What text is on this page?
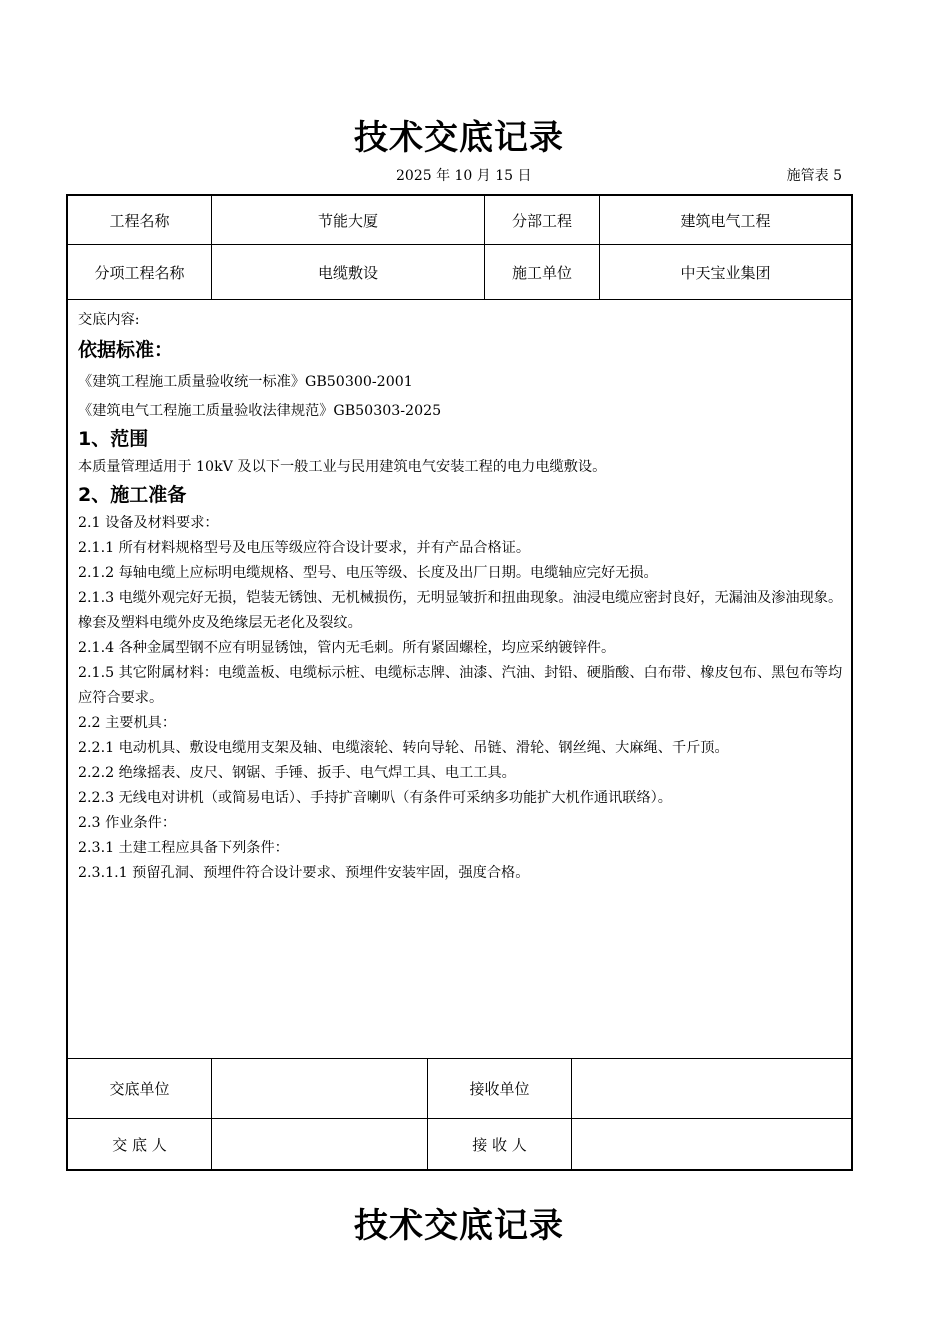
技术交底记录
2025 年 10 月 15 日	施管表 5
工程名称	节能大厦	分部工程	建筑电气工程
分项工程名称	电缆敷设	施工单位	中天宝业集团

交底内容:

依据标准：

《建筑工程施工质量验收统一标准》GB50300-2001

《建筑电气工程施工质量验收法律规范》GB50303-2025

1、范围

本质量管理适用于 10kV 及以下一般工业与民用建筑电气安装工程的电力电缆敷设。

2、施工准备

2.1 设备及材料要求：

2.1.1 所有材料规格型号及电压等级应符合设计要求，并有产品合格证。

2.1.2 每轴电缆上应标明电缆规格、型号、电压等级、长度及出厂日期。电缆轴应完好无损。

2.1.3 电缆外观完好无损，铠装无锈蚀、无机械损伤，无明显皱折和扭曲现象。油浸电缆应密封良好，无漏油及渗油现象。橡套及塑料电缆外皮及绝缘层无老化及裂纹。

2.1.4 各种金属型钢不应有明显锈蚀，管内无毛刺。所有紧固螺栓，均应采纳镀锌件。

2.1.5 其它附属材料：电缆盖板、电缆标示桩、电缆标志牌、油漆、汽油、封铅、硬脂酸、白布带、橡皮包布、黑包布等均应符合要求。

2.2 主要机具：

2.2.1 电动机具、敷设电缆用支架及轴、电缆滚轮、转向导轮、吊链、滑轮、钢丝绳、大麻绳、千斤顶。

2.2.2 绝缘摇表、皮尺、钢锯、手锤、扳手、电气焊工具、电工工具。

2.2.3 无线电对讲机（或简易电话）、手持扩音喇叭（有条件可采纳多功能扩大机作通讯联络）。

2.3 作业条件：

2.3.1 土建工程应具备下列条件：

2.3.1.1 预留孔洞、预埋件符合设计要求、预埋件安装牢固，强度合格。

交底单位	接收单位
交 底 人	接 收 人
技术交底记录
